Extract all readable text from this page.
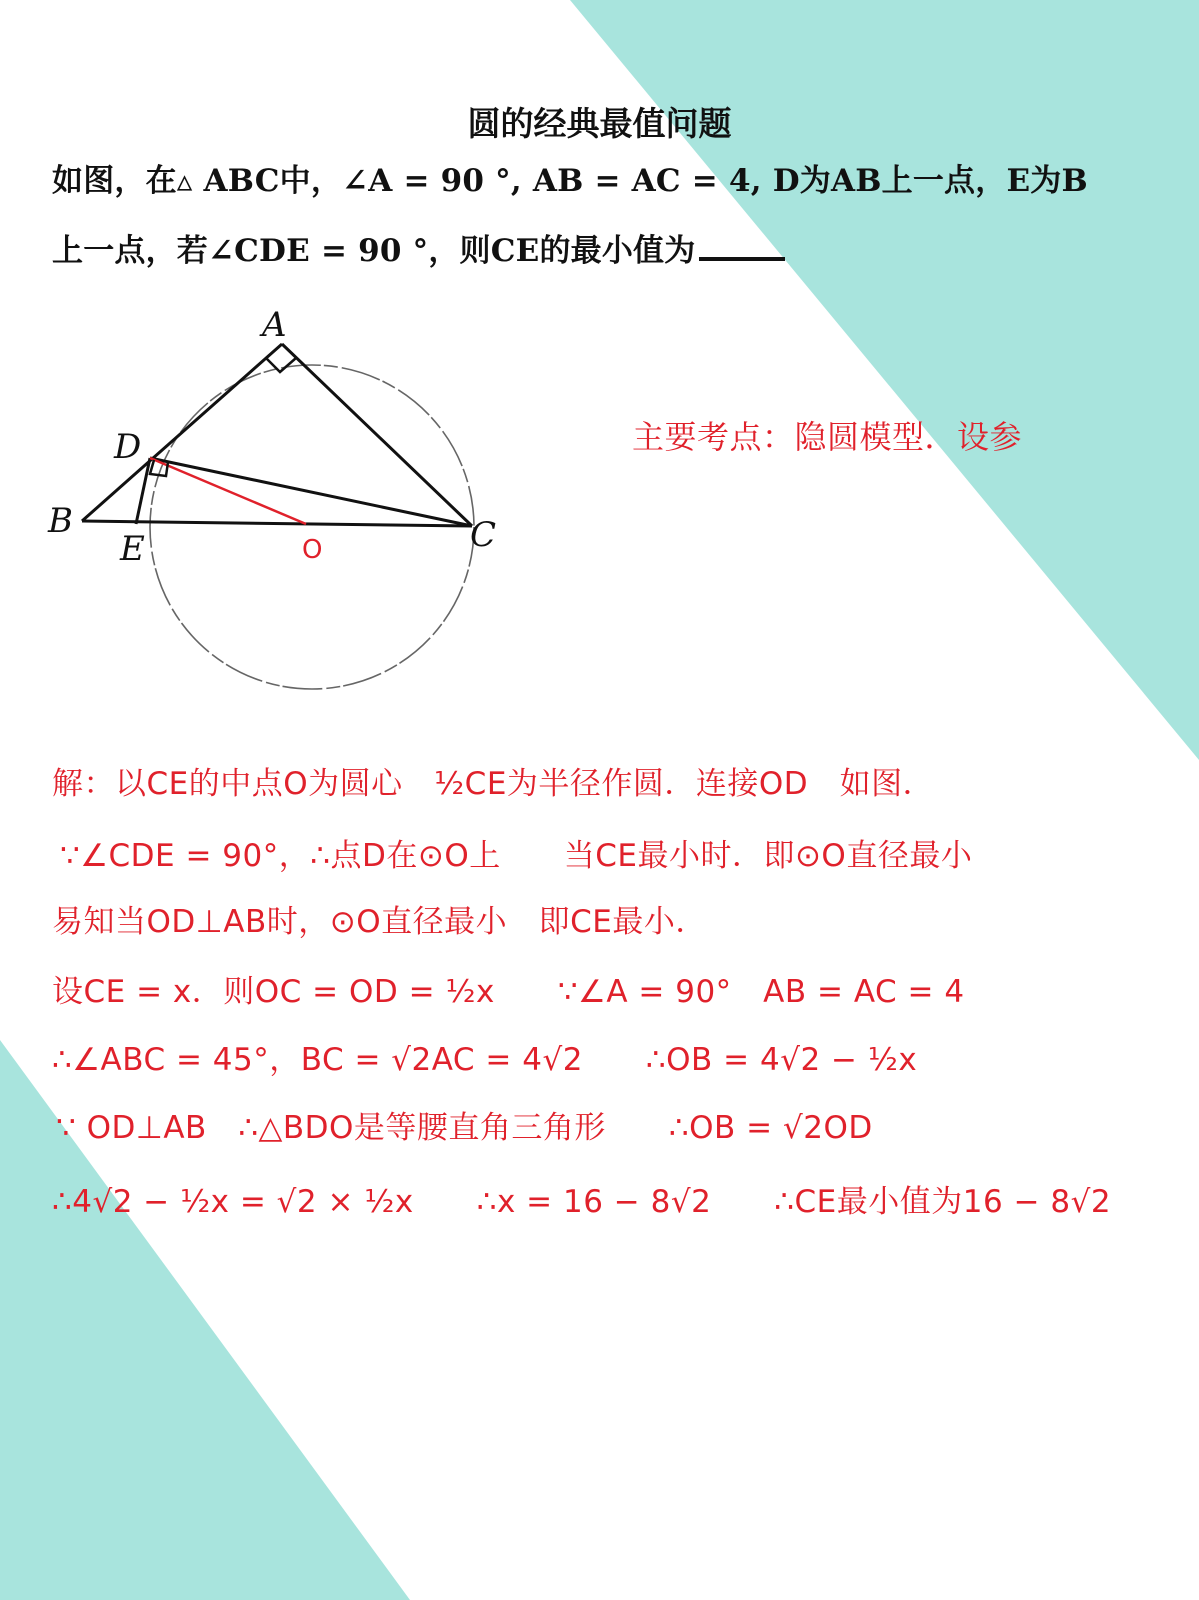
圆的经典最值问题
如图，在▵ ABC中，∠A = 90 °, AB = AC = 4, D为AB上一点，E为B
上一点，若∠CDE = 90 °，则CE的最小值为
A
D
B
E	C
O
主要考点：隐圆模型．设参
解：以CE的中点O为圆心　½CE为半径作圆．连接OD　如图．
∵∠CDE = 90°，∴点D在⊙O上　　当CE最小时．即⊙O直径最小
易知当OD⊥AB时，⊙O直径最小　即CE最小．
设CE = x．则OC = OD = ½x　　∵∠A = 90°　AB = AC = 4
∴∠ABC = 45°，BC = √2AC = 4√2　　∴OB = 4√2 − ½x
∵ OD⊥AB　∴△BDO是等腰直角三角形　　∴OB = √2OD
∴4√2 − ½x = √2 × ½x　　∴x = 16 − 8√2　　∴CE最小值为16 − 8√2
